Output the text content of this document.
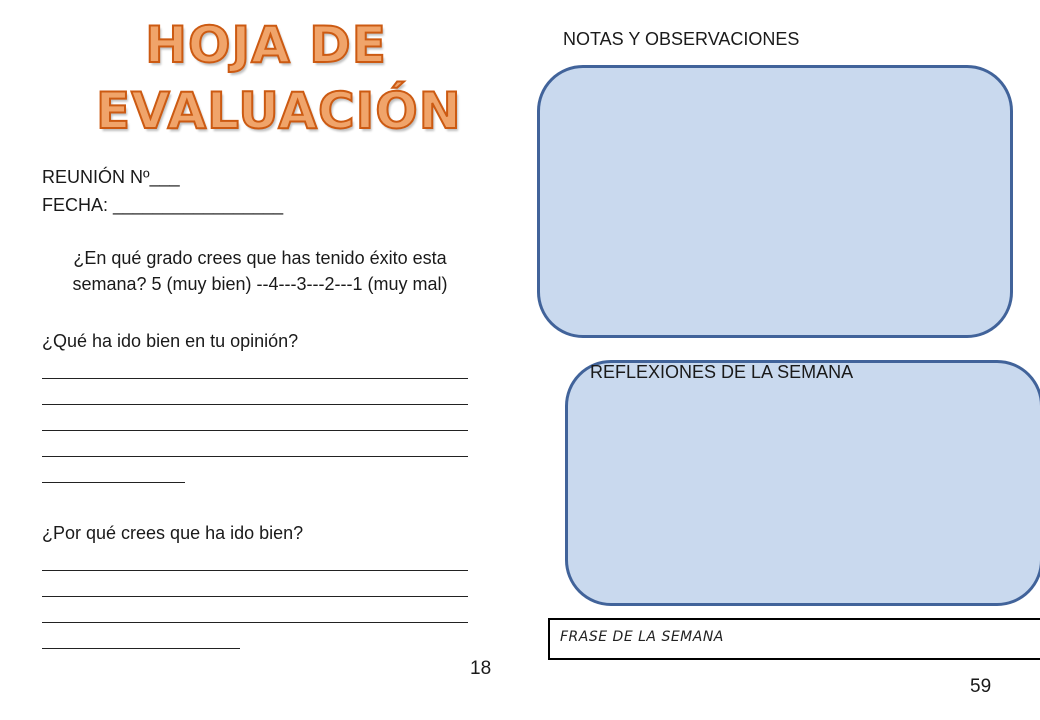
HOJA DE
EVALUACIÓN
REUNIÓN Nº___
FECHA: _________________
¿En qué grado crees que has tenido éxito esta
semana? 5 (muy bien) --4---3---2---1 (muy mal)
¿Qué ha ido bien en tu opinión?
¿Por qué crees que ha ido bien?
18
NOTAS Y OBSERVACIONES
REFLEXIONES DE LA SEMANA
FRASE DE LA SEMANA
59
